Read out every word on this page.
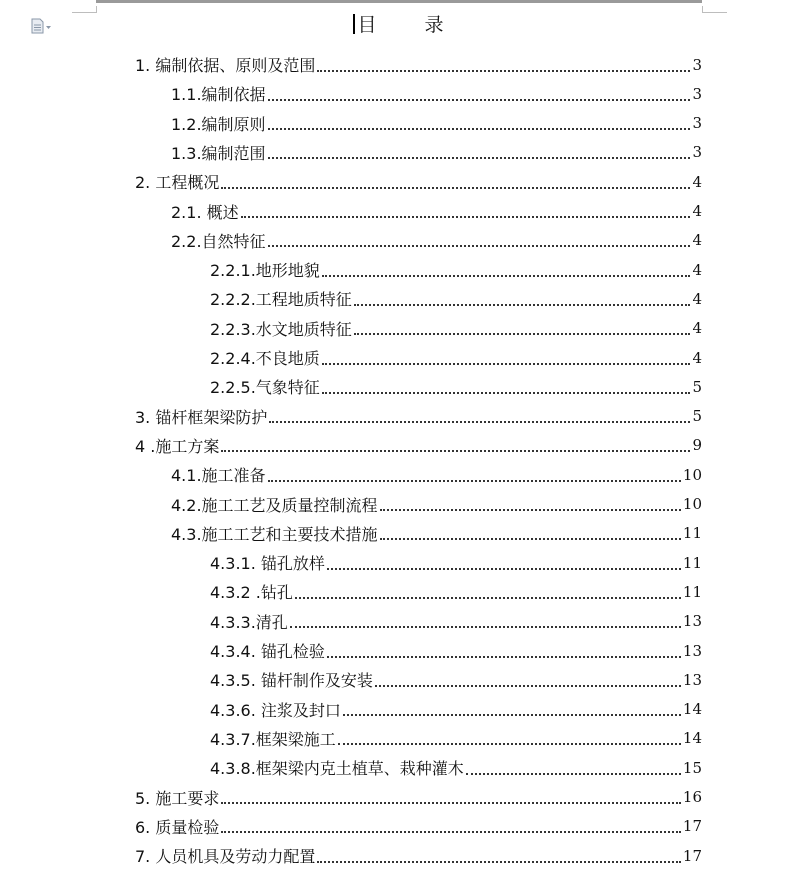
目	录
1. 编制依据、原则及范围	3
1.1.编制依据	3
1.2.编制原则	3
1.3.编制范围	3
2. 工程概况	4
2.1. 概述	4
2.2.自然特征	4
2.2.1.地形地貌	4
2.2.2.工程地质特征	4
2.2.3.水文地质特征	4
2.2.4.不良地质	4
2.2.5.气象特征	5
3. 锚杆框架梁防护	5
4 .施工方案	9
4.1.施工准备	10
4.2.施工工艺及质量控制流程	10
4.3.施工工艺和主要技术措施	11
4.3.1. 锚孔放样	11
4.3.2 .钻孔	11
4.3.3.清孔	13
4.3.4. 锚孔检验	13
4.3.5. 锚杆制作及安装	13
4.3.6. 注浆及封口	14
4.3.7.框架梁施工	14
4.3.8.框架梁内克土植草、栽种灌木	15
5. 施工要求	16
6. 质量检验	17
7. 人员机具及劳动力配置	17
